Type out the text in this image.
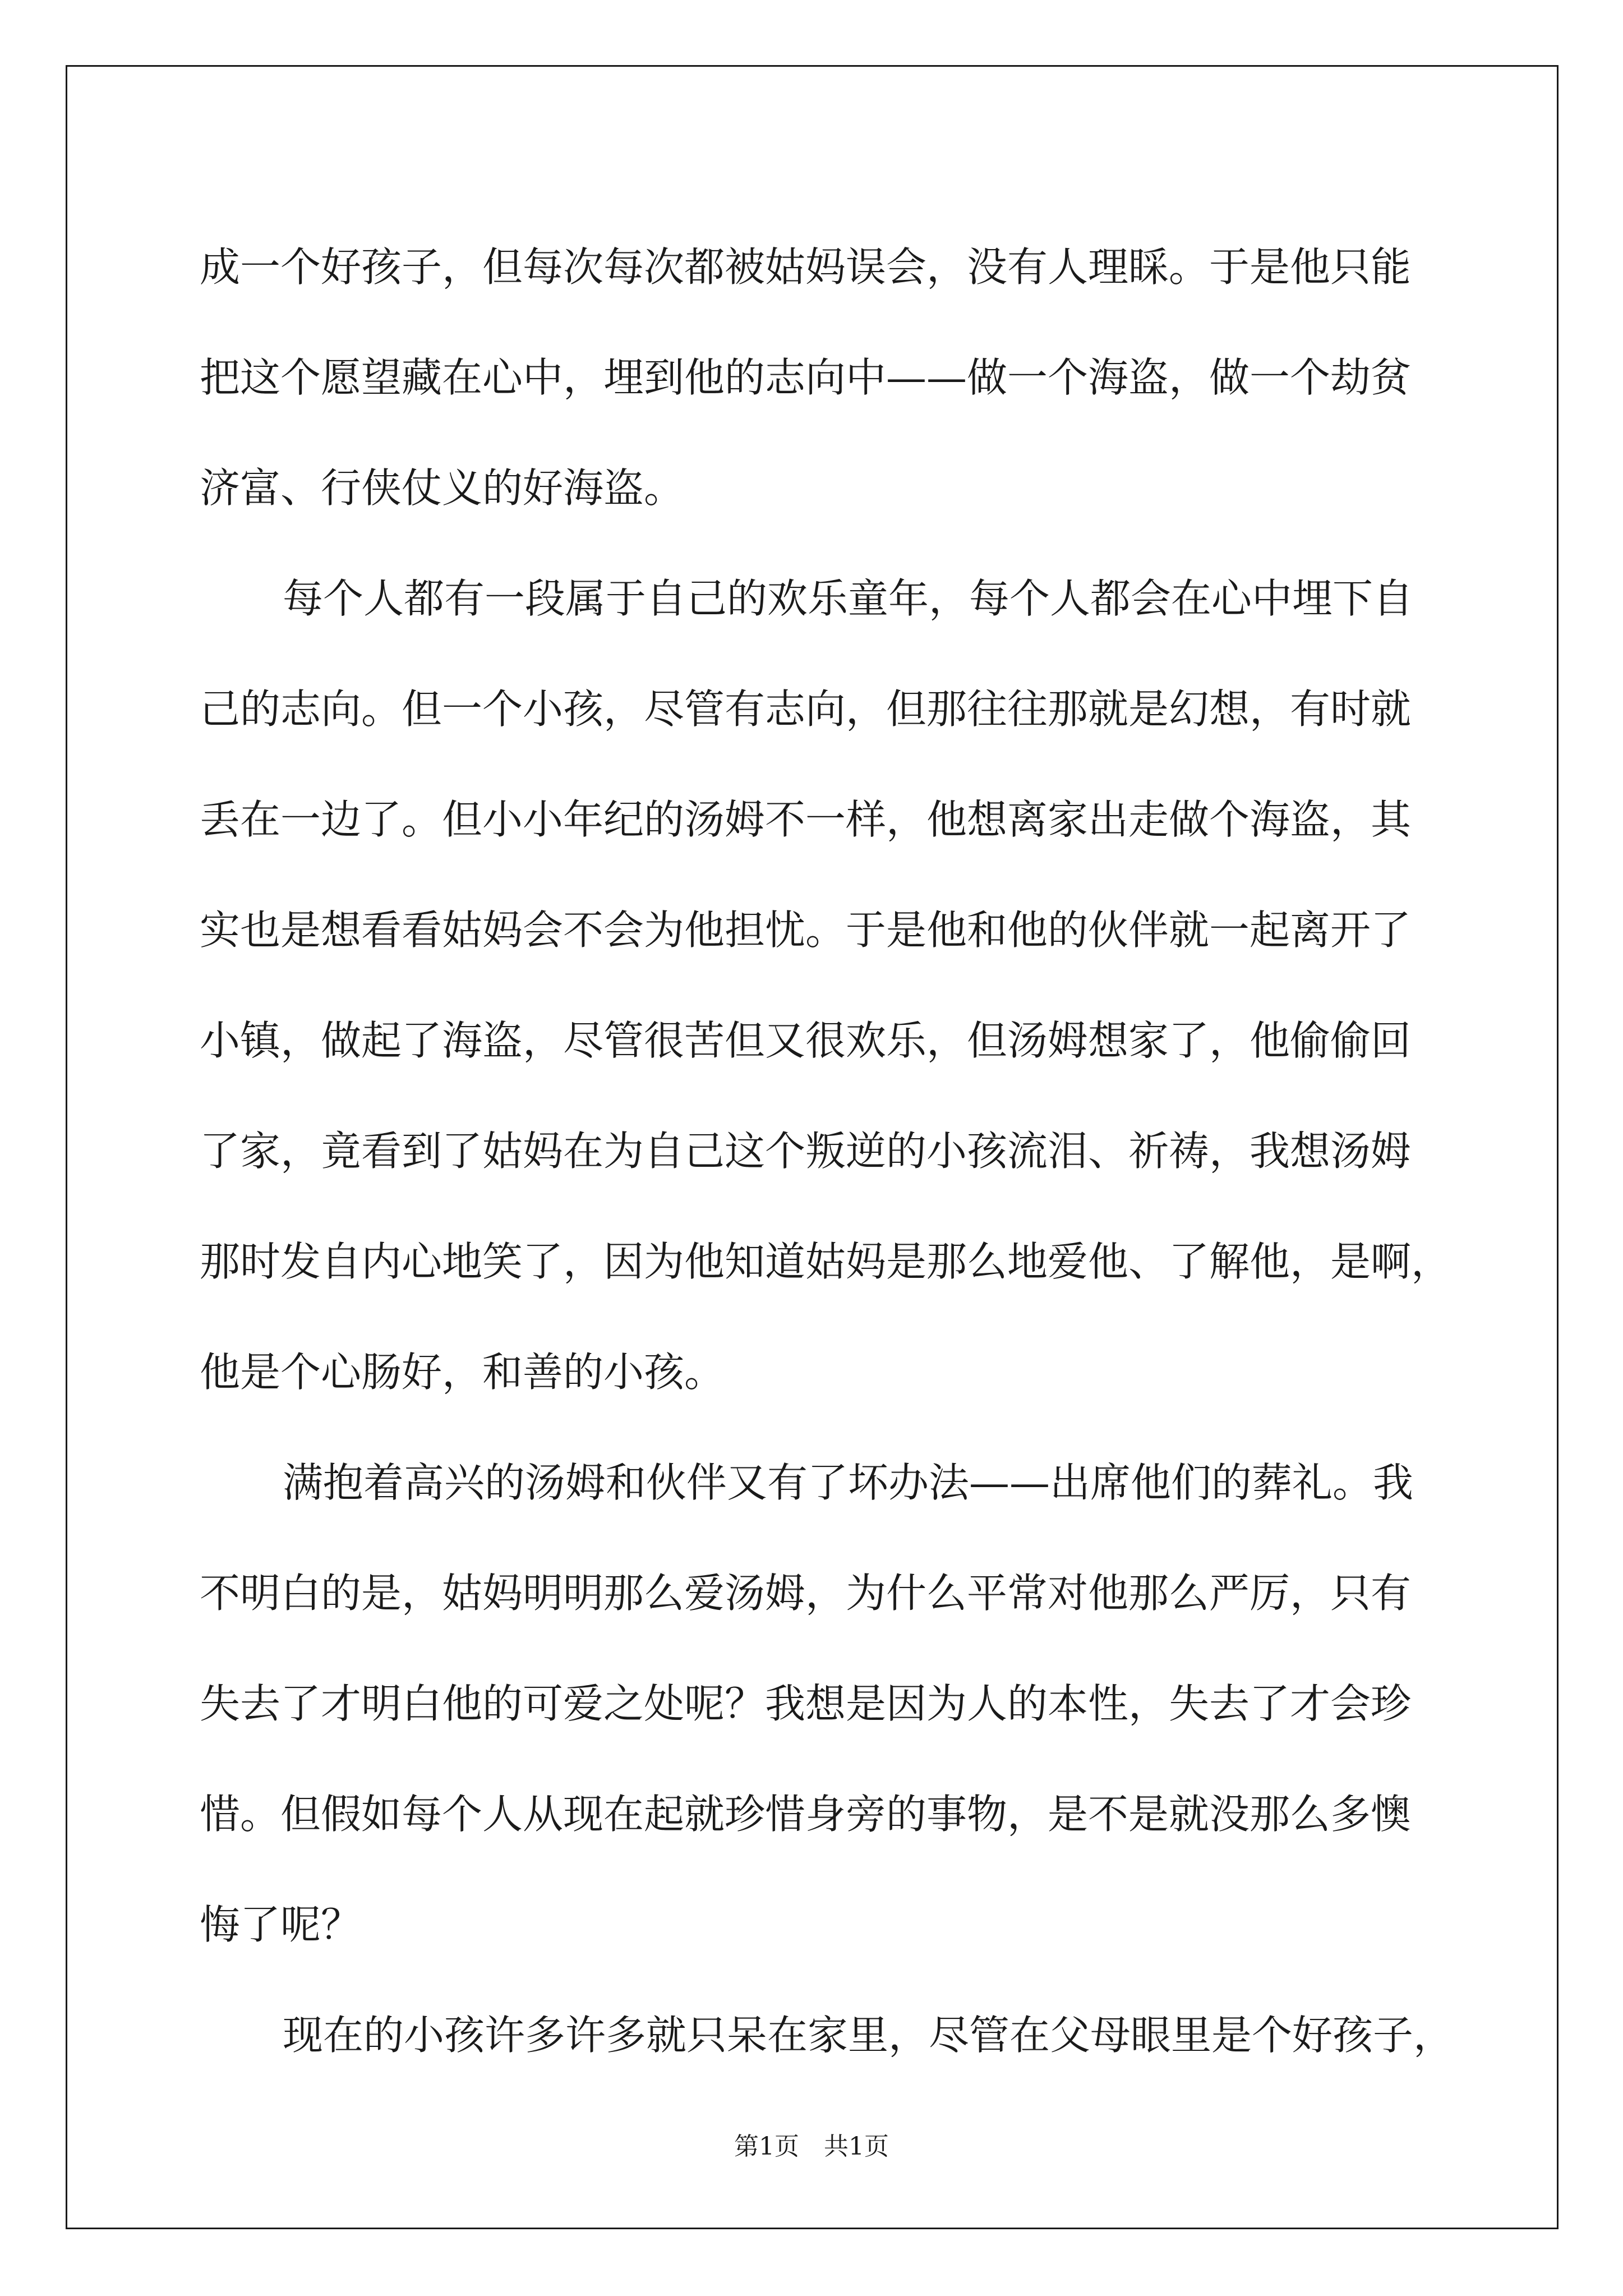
成一个好孩子，但每次每次都被姑妈误会，没有人理睬。于是他只能
把这个愿望藏在心中，埋到他的志向中——做一个海盗，做一个劫贫
济富、行侠仗义的好海盗。
每个人都有一段属于自己的欢乐童年，每个人都会在心中埋下自
己的志向。但一个小孩，尽管有志向，但那往往那就是幻想，有时就
丢在一边了。但小小年纪的汤姆不一样，他想离家出走做个海盗，其
实也是想看看姑妈会不会为他担忧。于是他和他的伙伴就一起离开了
小镇，做起了海盗，尽管很苦但又很欢乐，但汤姆想家了，他偷偷回
了家，竟看到了姑妈在为自己这个叛逆的小孩流泪、祈祷，我想汤姆
那时发自内心地笑了，因为他知道姑妈是那么地爱他、了解他，是啊，
他是个心肠好，和善的小孩。
满抱着高兴的汤姆和伙伴又有了坏办法——出席他们的葬礼。我
不明白的是，姑妈明明那么爱汤姆，为什么平常对他那么严厉，只有
失去了才明白他的可爱之处呢？我想是因为人的本性，失去了才会珍
惜。但假如每个人从现在起就珍惜身旁的事物，是不是就没那么多懊
悔了呢？
现在的小孩许多许多就只呆在家里，尽管在父母眼里是个好孩子，
第1页　共1页
